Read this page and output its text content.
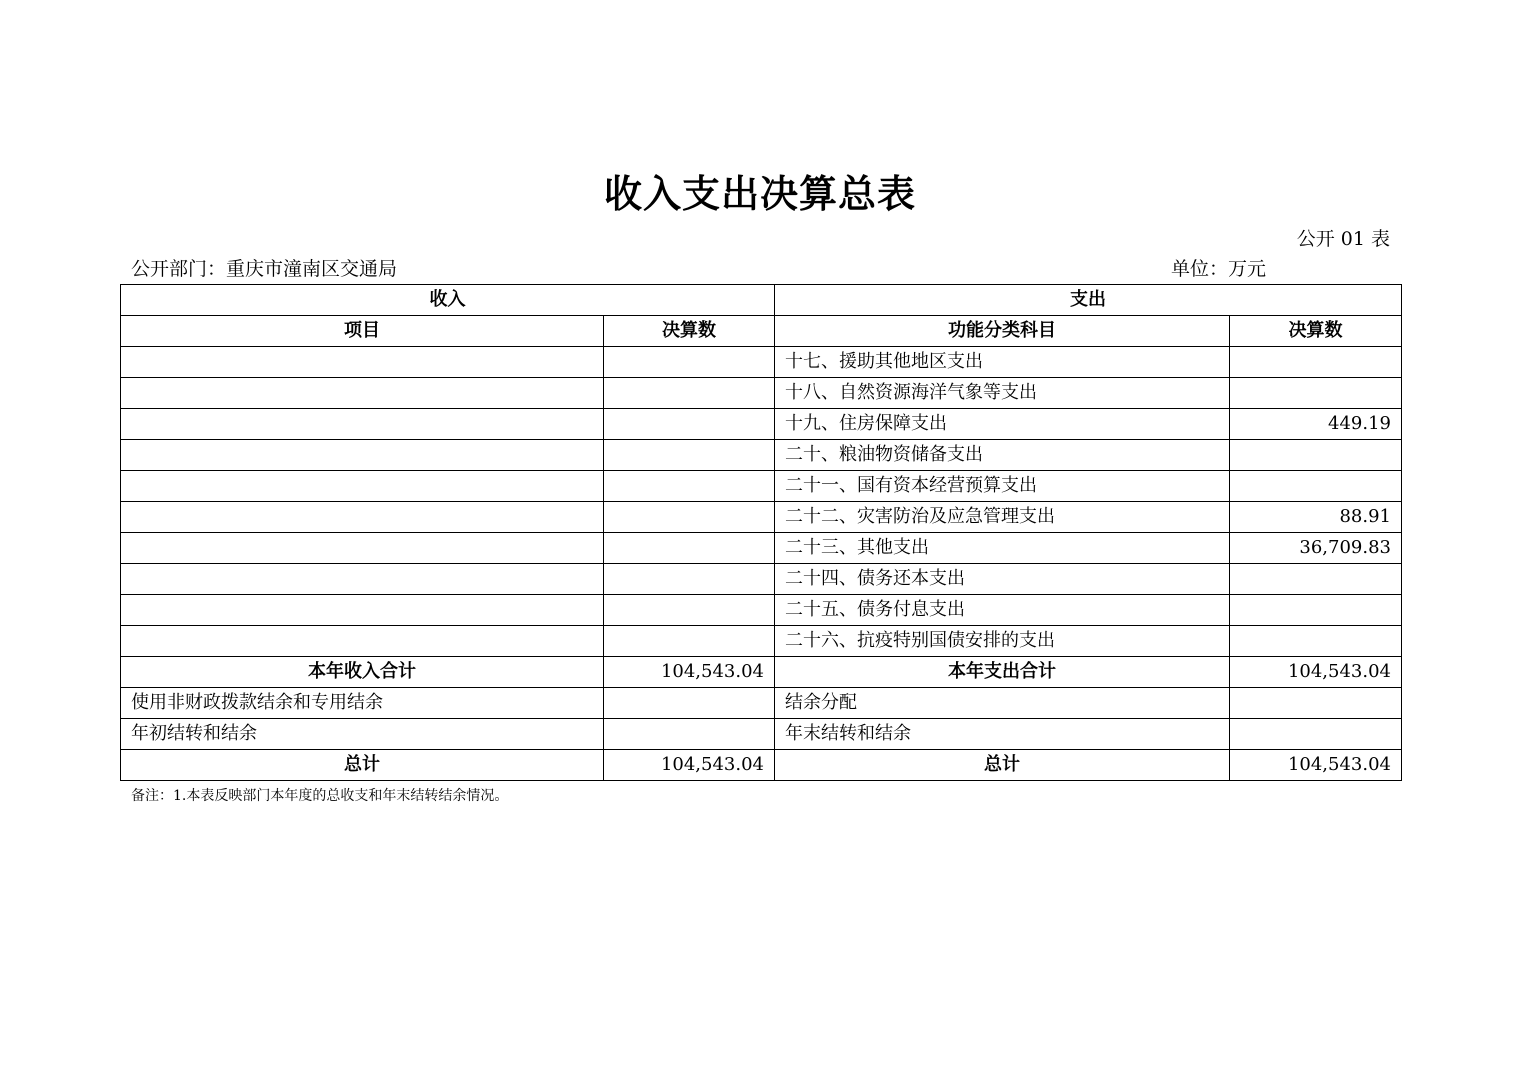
收入支出决算总表
公开 01 表
公开部门：重庆市潼南区交通局	单位：万元
收入		支出	
项目	决算数	功能分类科目	决算数
		十七、援助其他地区支出	
		十八、自然资源海洋气象等支出	
		十九、住房保障支出	449.19
		二十、粮油物资储备支出	
		二十一、国有资本经营预算支出	
		二十二、灾害防治及应急管理支出	88.91
		二十三、其他支出	36,709.83
		二十四、债务还本支出	
		二十五、债务付息支出	
		二十六、抗疫特别国债安排的支出	
本年收入合计	104,543.04	本年支出合计	104,543.04
使用非财政拨款结余和专用结余		结余分配	
年初结转和结余		年末结转和结余	
总计	104,543.04	总计	104,543.04
备注：1.本表反映部门本年度的总收支和年末结转结余情况。
